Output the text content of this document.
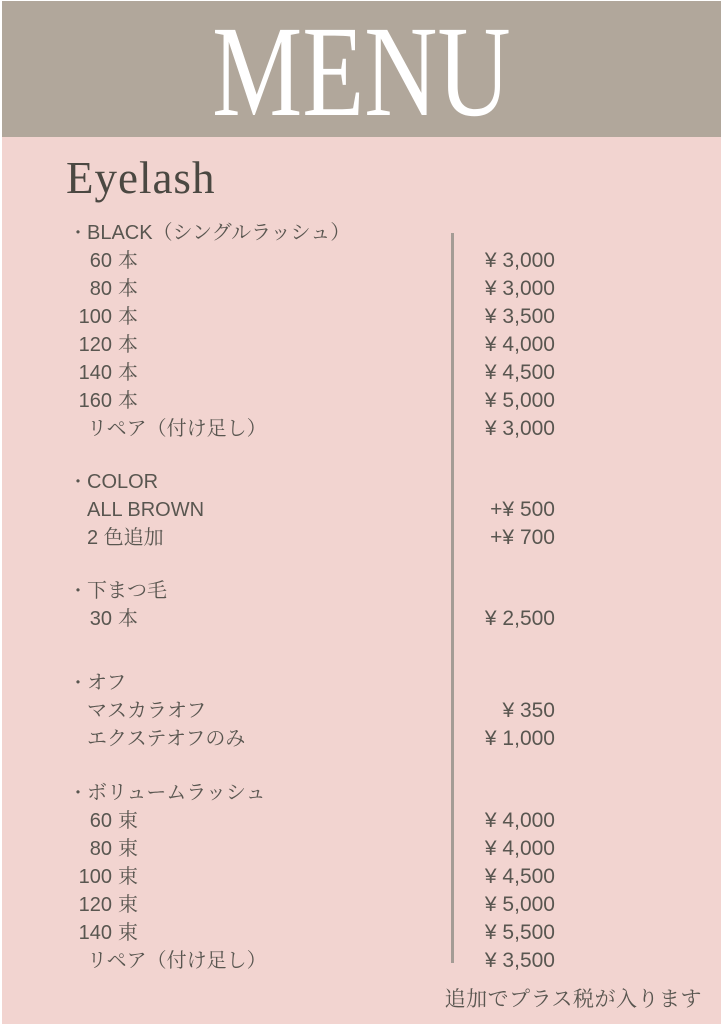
MENU
Eyelash
・ BLACK（シングルラッシュ）
60 本	¥ 3,000
80 本	¥ 3,000
100 本	¥ 3,500
120 本	¥ 4,000
140 本	¥ 4,500
160 本	¥ 5,000
リペア（付け足し）	¥ 3,000
・ COLOR
ALL BROWN	+¥ 500
2 色追加	+¥ 700
・ 下まつ毛
30 本	¥ 2,500
・ オフ
マスカラオフ	¥ 350
エクステオフのみ	¥ 1,000
・ ボリュームラッシュ
60 束	¥ 4,000
80 束	¥ 4,000
100 束	¥ 4,500
120 束	¥ 5,000
140 束	¥ 5,500
リペア（付け足し）	¥ 3,500
追加でプラス税が入ります
